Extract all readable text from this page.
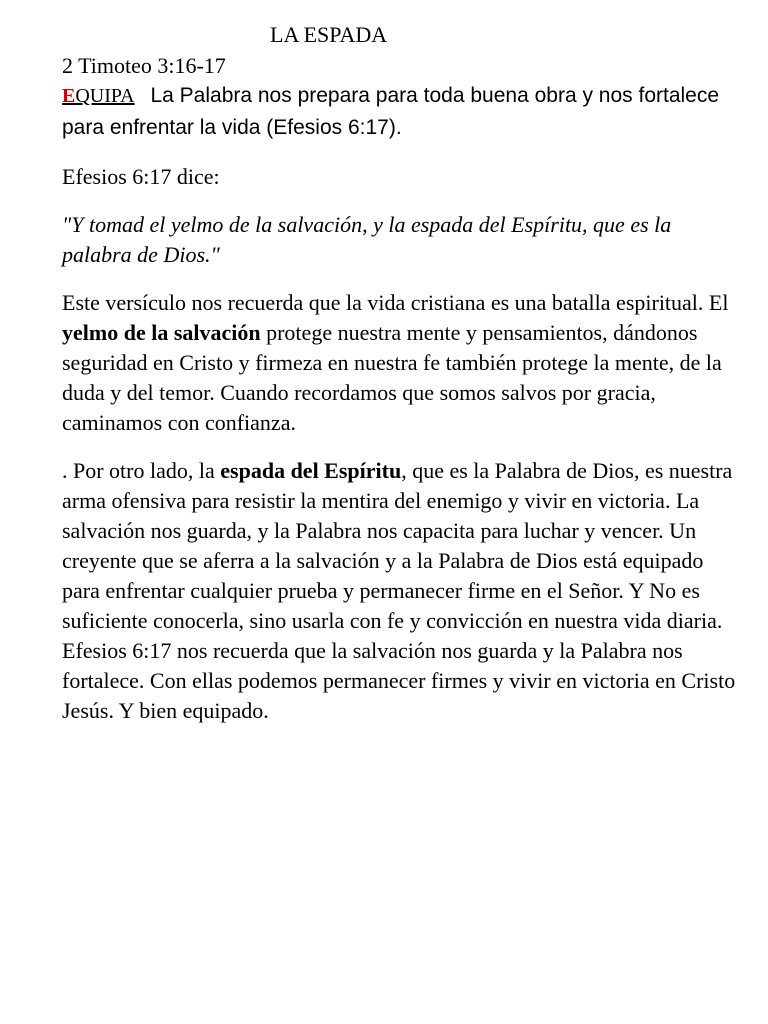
LA ESPADA

2 Timoteo 3:16-17

EQUIPA La Palabra nos prepara para toda buena obra y nos fortalece para enfrentar la vida (Efesios 6:17).

Efesios 6:17 dice:

"Y tomad el yelmo de la salvación, y la espada del Espíritu, que es la palabra de Dios."

Este versículo nos recuerda que la vida cristiana es una batalla espiritual. El yelmo de la salvación protege nuestra mente y pensamientos, dándonos seguridad en Cristo y firmeza en nuestra fe también protege la mente, de la duda y del temor. Cuando recordamos que somos salvos por gracia, caminamos con confianza.

. Por otro lado, la espada del Espíritu, que es la Palabra de Dios, es nuestra arma ofensiva para resistir la mentira del enemigo y vivir en victoria. La salvación nos guarda, y la Palabra nos capacita para luchar y vencer. Un creyente que se aferra a la salvación y a la Palabra de Dios está equipado para enfrentar cualquier prueba y permanecer firme en el Señor. Y No es suficiente conocerla, sino usarla con fe y convicción en nuestra vida diaria.    Efesios 6:17 nos recuerda que la salvación nos guarda y la Palabra nos fortalece. Con ellas podemos permanecer firmes y vivir en victoria en Cristo Jesús. Y bien equipado.
